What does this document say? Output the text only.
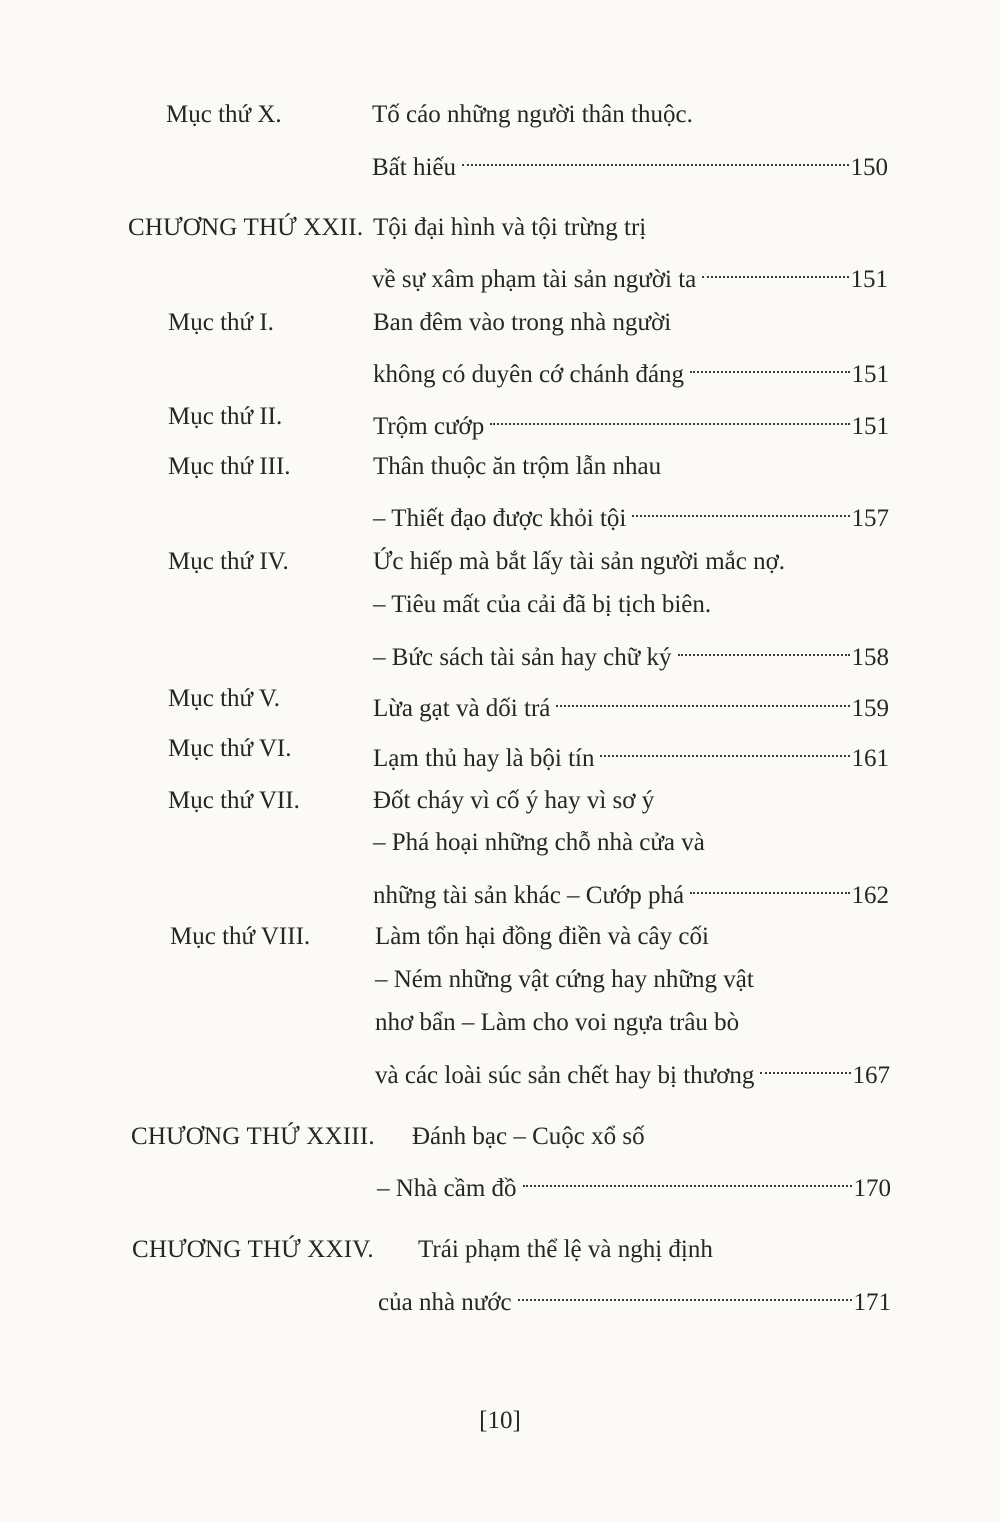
Mục thứ X.	Tố cáo những người thân thuộc.
Bất hiếu	150
CHƯƠNG THỨ XXII. Tội đại hình và tội trừng trị
về sự xâm phạm tài sản người ta	151
Mục thứ I.	Ban đêm vào trong nhà người
không có duyên cớ chánh đáng	151
Mục thứ II.	Trộm cướp	151
Mục thứ III.	Thân thuộc ăn trộm lẫn nhau
– Thiết đạo được khỏi tội	157
Mục thứ IV.	Ức hiếp mà bắt lấy tài sản người mắc nợ.
– Tiêu mất của cải đã bị tịch biên.
– Bức sách tài sản hay chữ ký	158
Mục thứ V.	Lừa gạt và dối trá	159
Mục thứ VI.	Lạm thủ hay là bội tín	161
Mục thứ VII.	Đốt cháy vì cố ý hay vì sơ ý
– Phá hoại những chỗ nhà cửa và
những tài sản khác – Cướp phá	162
Mục thứ VIII.	Làm tổn hại đồng điền và cây cối
– Ném những vật cứng hay những vật
nhơ bẩn – Làm cho voi ngựa trâu bò
và các loài súc sản chết hay bị thương	167
CHƯƠNG THỨ XXIII. Đánh bạc – Cuộc xổ số
– Nhà cầm đồ	170
CHƯƠNG THỨ XXIV. Trái phạm thể lệ và nghị định
của nhà nước	171
[10]
